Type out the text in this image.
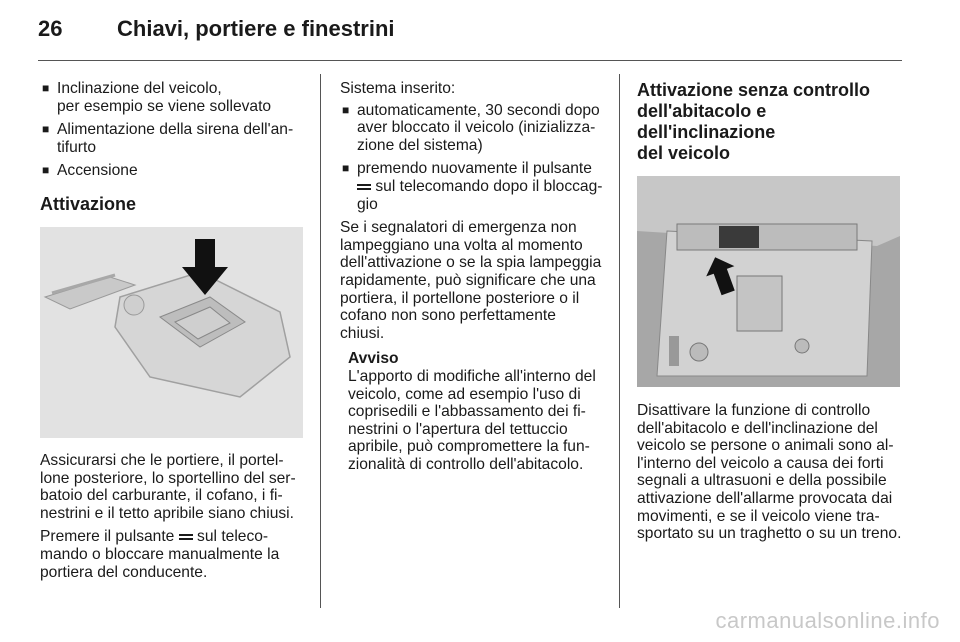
26 Chiavi, portiere e finestrini
■ Inclinazione del veicolo,

per esempio se viene sollevato

■ Alimentazione della sirena dell'an-

tifurto

■ Accensione

Attivazione

Assicurarsi che le portiere, il portel-

lone posteriore, lo sportellino del ser-

batoio del carburante, il cofano, i fi-

nestrini e il tetto apribile siano chiusi.

Premere il pulsante sul teleco-

mando o bloccare manualmente la

portiera del conducente.

Sistema inserito:

■ automaticamente, 30 secondi dopo

aver bloccato il veicolo (inizializza-

zione del sistema)

■ premendo nuovamente il pulsante

sul telecomando dopo il bloccag-

gio

Se i segnalatori di emergenza non

lampeggiano una volta al momento

dell'attivazione o se la spia lampeggia

rapidamente, può significare che una

portiera, il portellone posteriore o il

cofano non sono perfettamente

chiusi.

Avviso

L'apporto di modifiche all'interno del

veicolo, come ad esempio l'uso di

coprisedili e l'abbassamento dei fi-

nestrini o l'apertura del tettuccio

apribile, può compromettere la fun-

zionalità di controllo dell'abitacolo.

Attivazione senza controllo

dell'abitacolo e dell'inclinazione

del veicolo

Disattivare la funzione di controllo

dell'abitacolo e dell'inclinazione del

veicolo se persone o animali sono al-

l'interno del veicolo a causa dei forti

segnali a ultrasuoni e della possibile

attivazione dell'allarme provocata dai

movimenti, e se il veicolo viene tra-

sportato su un traghetto o su un treno.

carmanualsonline.info
